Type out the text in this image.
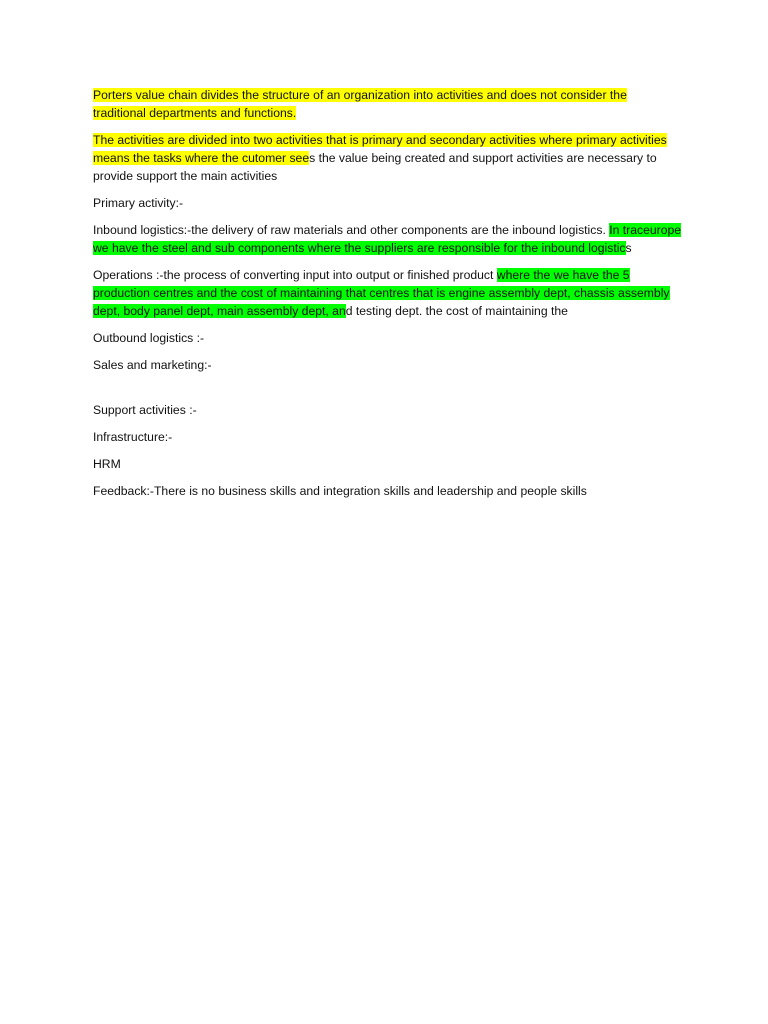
Porters value chain divides the structure of an organization into activities and does not consider the traditional departments and functions.

The activities are divided into two activities that is primary and secondary activities where primary activities means the tasks where the cutomer sees the value being created and support activities are necessary to provide support the main activities

Primary activity:-

Inbound logistics:-the delivery of raw materials and other components are the inbound logistics. In traceurope we have the steel and sub components where the suppliers are responsible for the inbound logistics

Operations :-the process of converting input into output or finished product where the we have the 5 production centres and the cost of maintaining that centres that is engine assembly dept, chassis assembly dept, body panel dept, main assembly dept, and testing dept. the cost of maintaining the

Outbound logistics :-

Sales and marketing:-

Support activities :-

Infrastructure:-

HRM

Feedback:-There is no business skills and integration skills and leadership and people skills
